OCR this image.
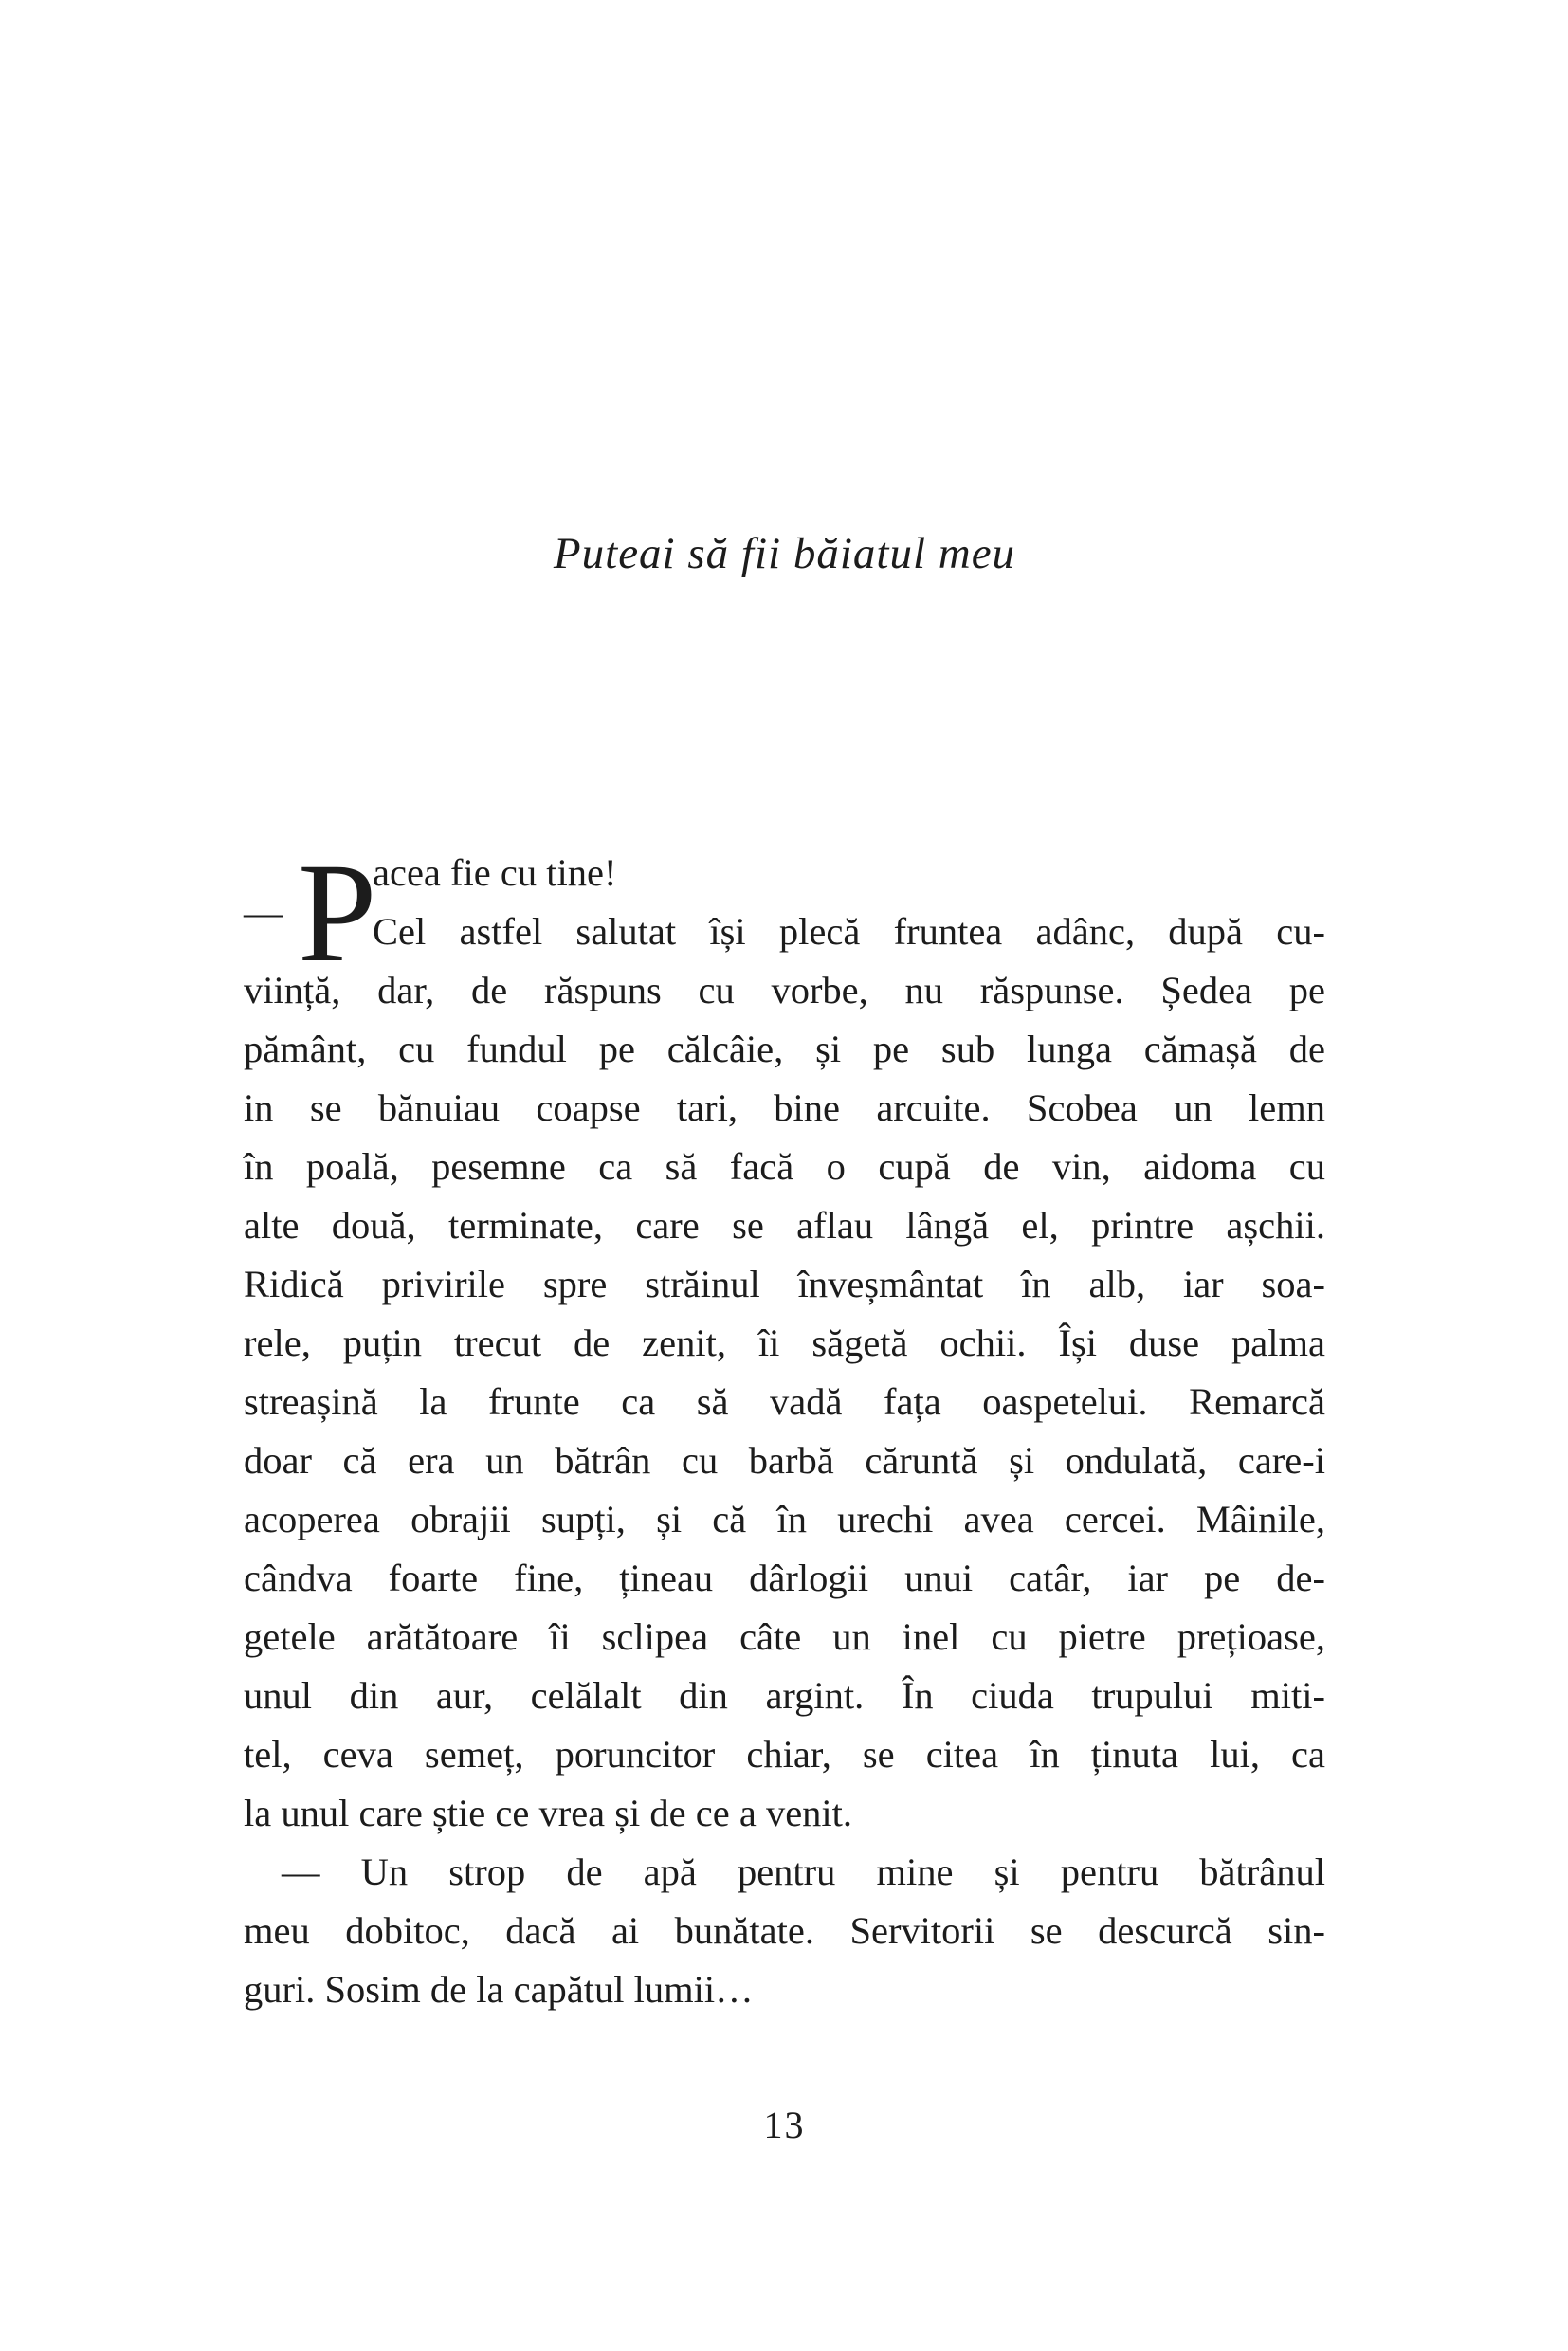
Puteai să fii băiatul meu
— P
acea fie cu tine!
Cel astfel salutat își plecă fruntea adânc, după cu-
viință, dar, de răspuns cu vorbe, nu răspunse. Ședea pe
pământ, cu fundul pe călcâie, și pe sub lunga cămașă de
in se bănuiau coapse tari, bine arcuite. Scobea un lemn
în poală, pesemne ca să facă o cupă de vin, aidoma cu
alte două, terminate, care se aflau lângă el, printre așchii.
Ridică privirile spre străinul înveșmântat în alb, iar soa-
rele, puțin trecut de zenit, îi săgetă ochii. Își duse palma
streașină la frunte ca să vadă fața oaspetelui. Remarcă
doar că era un bătrân cu barbă căruntă și ondulată, care-i
acoperea obrajii supți, și că în urechi avea cercei. Mâinile,
cândva foarte fine, țineau dârlogii unui catâr, iar pe de-
getele arătătoare îi sclipea câte un inel cu pietre prețioase,
unul din aur, celălalt din argint. În ciuda trupului miti-
tel, ceva semeț, poruncitor chiar, se citea în ținuta lui, ca
la unul care știe ce vrea și de ce a venit.
— Un strop de apă pentru mine și pentru bătrânul
meu dobitoc, dacă ai bunătate. Servitorii se descurcă sin-
guri. Sosim de la capătul lumii…
13
